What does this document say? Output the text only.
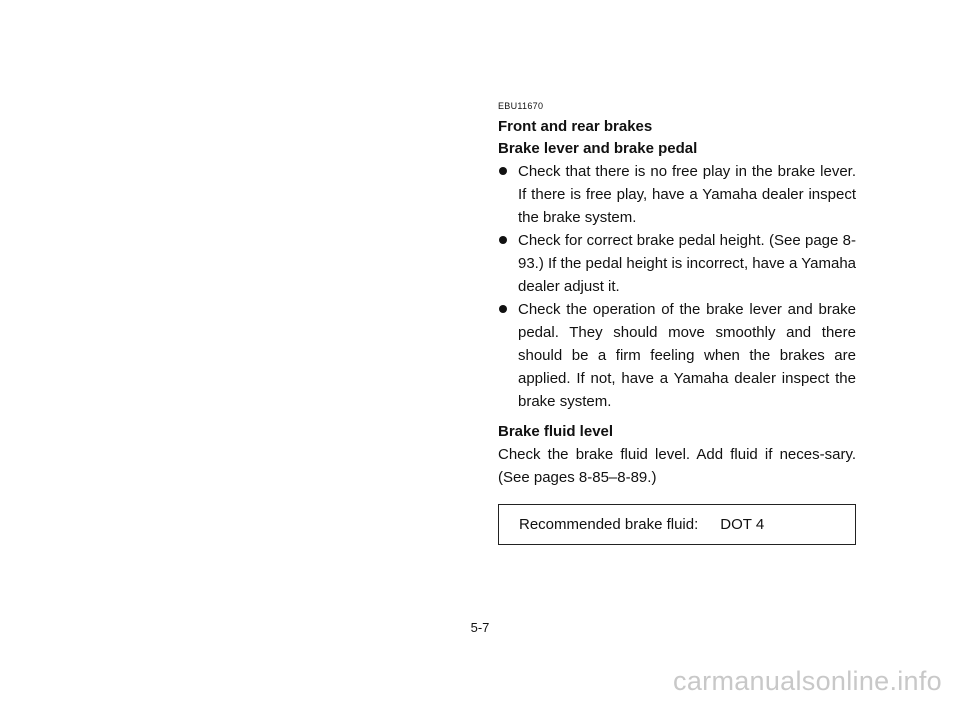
EBU11670
Front and rear brakes
Brake lever and brake pedal
Check that there is no free play in the brake lever. If there is free play, have a Yamaha dealer inspect the brake system.
Check for correct brake pedal height. (See page 8-93.) If the pedal height is incorrect, have a Yamaha dealer adjust it.
Check the operation of the brake lever and brake pedal. They should move smoothly and there should be a firm feeling when the brakes are applied. If not, have a Yamaha dealer inspect the brake system.
Brake fluid level

Check the brake fluid level. Add fluid if neces-sary. (See pages 8-85–8-89.)

Recommended brake fluid: DOT 4
5-7
carmanualsonline.info
